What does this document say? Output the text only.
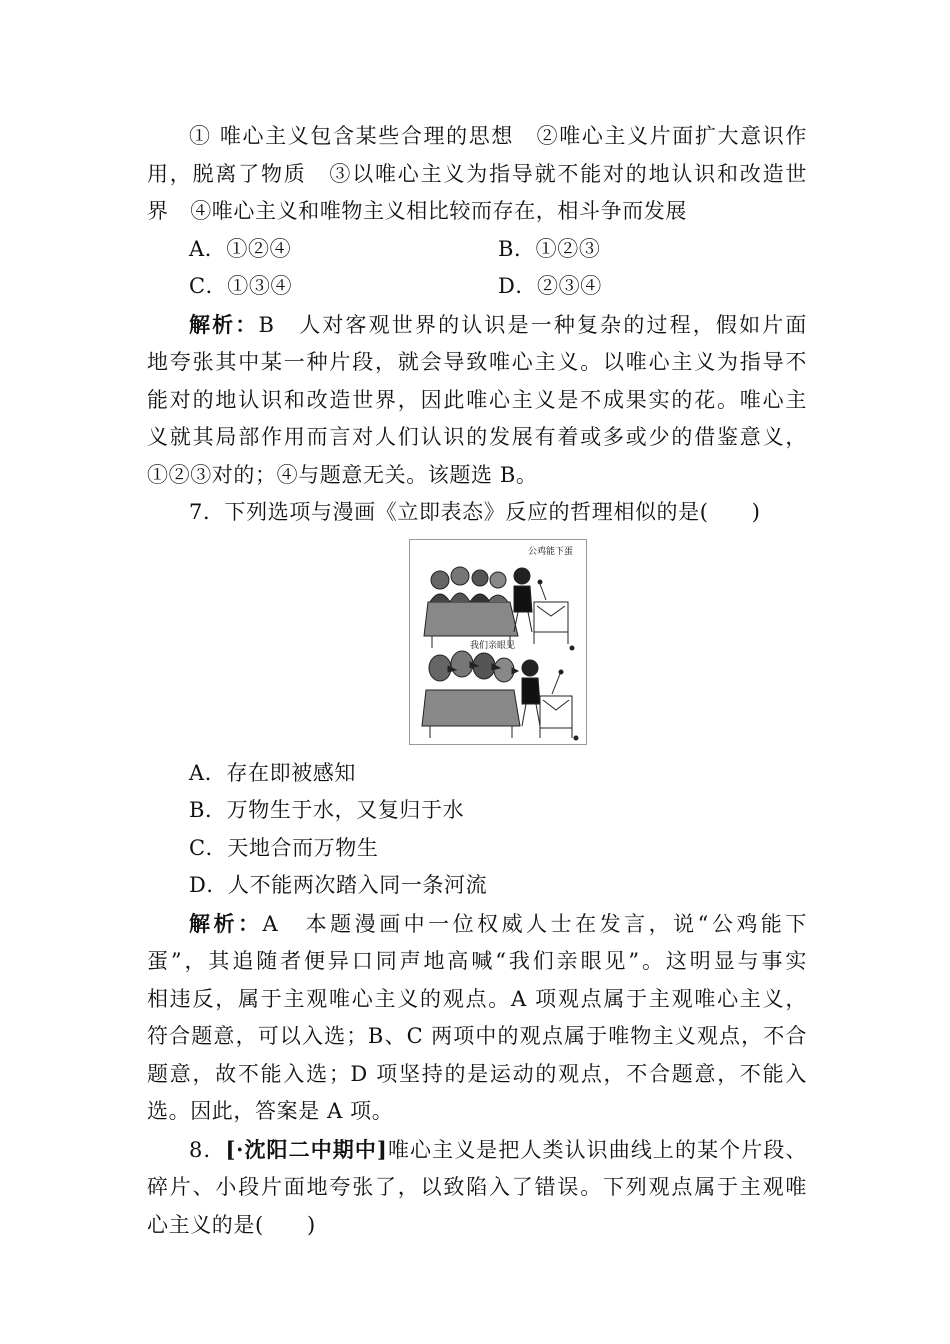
① 唯心主义包含某些合理的思想　②唯心主义片面扩大意识作
用，脱离了物质　③以唯心主义为指导就不能对的地认识和改造世
界　④唯心主义和唯物主义相比较而存在，相斗争而发展
A．①②④	B．①②③
C．①③④	D．②③④
解析：B　人对客观世界的认识是一种复杂的过程，假如片面
地夸张其中某一种片段，就会导致唯心主义。以唯心主义为指导不
能对的地认识和改造世界，因此唯心主义是不成果实的花。唯心主
义就其局部作用而言对人们认识的发展有着或多或少的借鉴意义，
①②③对的；④与题意无关。该题选 B。
7．下列选项与漫画《立即表态》反应的哲理相似的是(　　)
公鸡能下蛋
我们亲眼见
A．存在即被感知
B．万物生于水，又复归于水
C．天地合而万物生
D．人不能两次踏入同一条河流
解析：A　本题漫画中一位权威人士在发言，说“公鸡能下
蛋”，其追随者便异口同声地高喊“我们亲眼见”。这明显与事实
相违反，属于主观唯心主义的观点。A 项观点属于主观唯心主义，
符合题意，可以入选；B、C 两项中的观点属于唯物主义观点，不合
题意，故不能入选；D 项坚持的是运动的观点，不合题意，不能入
选。因此，答案是 A 项。
8．[·沈阳二中期中]唯心主义是把人类认识曲线上的某个片段、
碎片、小段片面地夸张了，以致陷入了错误。下列观点属于主观唯
心主义的是(　　)
